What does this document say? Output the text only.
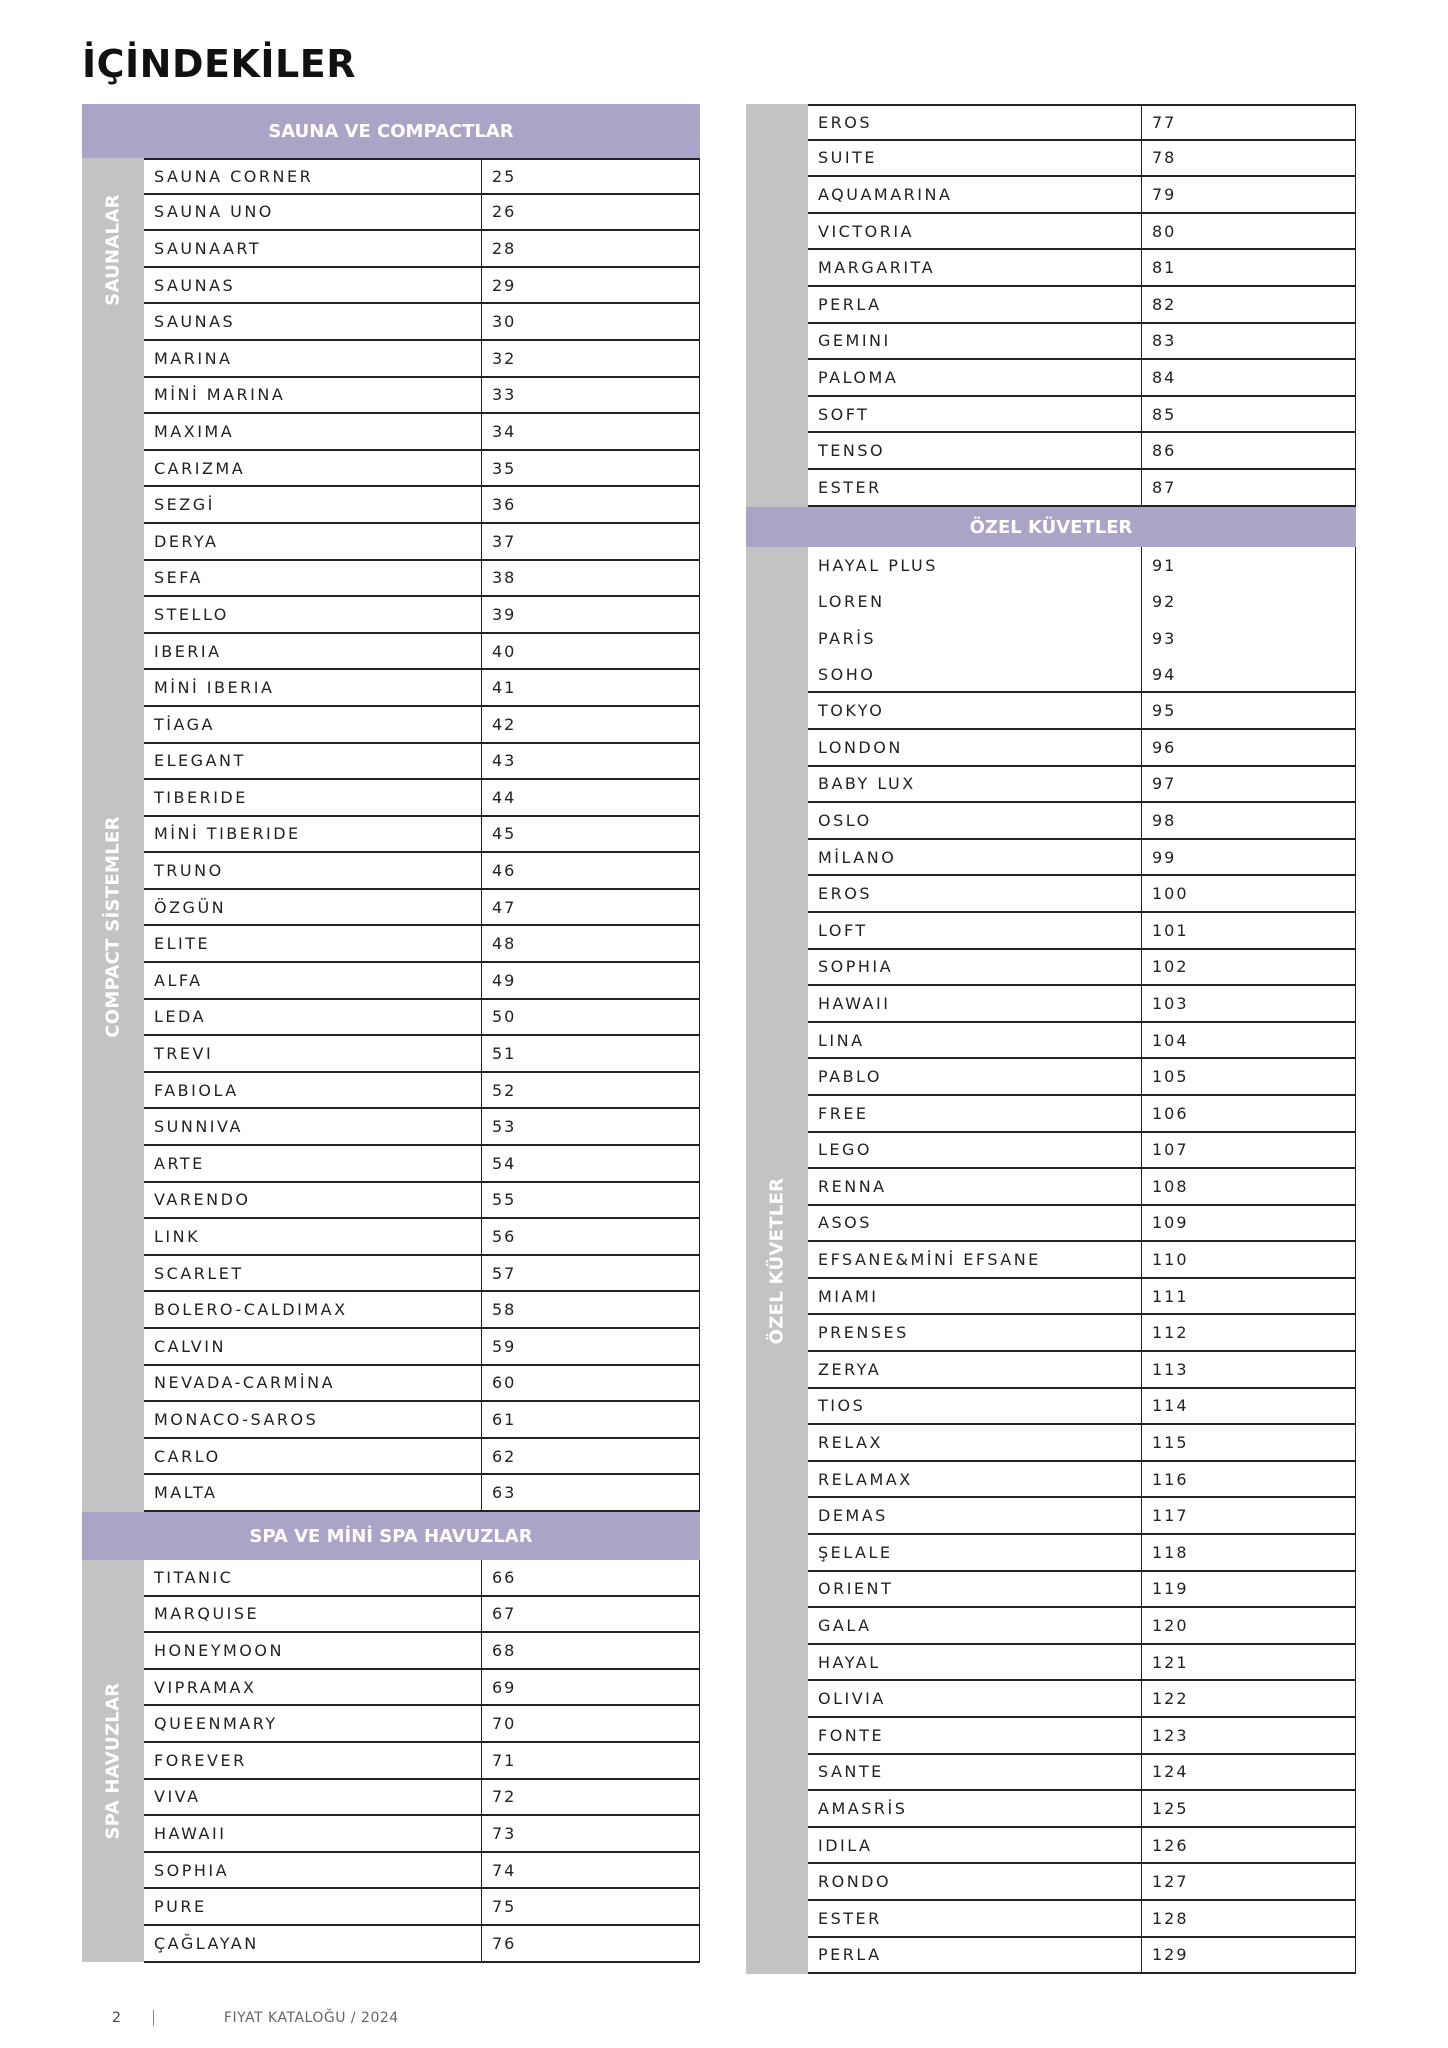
İÇİNDEKİLER
SAUNA VE COMPACTLAR
SAUNALAR
COMPACT SİSTEMLER
SAUNA CORNER	25
SAUNA UNO	26
SAUNAART	28
SAUNAS	29
SAUNAS	30
MARINA	32
MİNİ MARINA	33
MAXIMA	34
CARIZMA	35
SEZGİ	36
DERYA	37
SEFA	38
STELLO	39
IBERIA	40
MİNİ IBERIA	41
TİAGA	42
ELEGANT	43
TIBERIDE	44
MİNİ TIBERIDE	45
TRUNO	46
ÖZGÜN	47
ELITE	48
ALFA	49
LEDA	50
TREVI	51
FABIOLA	52
SUNNIVA	53
ARTE	54
VARENDO	55
LINK	56
SCARLET	57
BOLERO-CALDIMAX	58
CALVIN	59
NEVADA-CARMİNA	60
MONACO-SAROS	61
CARLO	62
MALTA	63
SPA VE MİNİ SPA HAVUZLAR
SPA HAVUZLAR
TITANIC	66
MARQUISE	67
HONEYMOON	68
VIPRAMAX	69
QUEENMARY	70
FOREVER	71
VIVA	72
HAWAII	73
SOPHIA	74
PURE	75
ÇAĞLAYAN	76
EROS	77
SUITE	78
AQUAMARINA	79
VICTORIA	80
MARGARITA	81
PERLA	82
GEMINI	83
PALOMA	84
SOFT	85
TENSO	86
ESTER	87
ÖZEL KÜVETLER
ÖZEL KÜVETLER
HAYAL PLUS	91
LOREN	92
PARİS	93
SOHO	94
TOKYO	95
LONDON	96
BABY LUX	97
OSLO	98
MİLANO	99
EROS	100
LOFT	101
SOPHIA	102
HAWAII	103
LINA	104
PABLO	105
FREE	106
LEGO	107
RENNA	108
ASOS	109
EFSANE&MİNİ EFSANE	110
MIAMI	111
PRENSES	112
ZERYA	113
TIOS	114
RELAX	115
RELAMAX	116
DEMAS	117
ŞELALE	118
ORIENT	119
GALA	120
HAYAL	121
OLIVIA	122
FONTE	123
SANTE	124
AMASRİS	125
IDILA	126
RONDO	127
ESTER	128
PERLA	129
2	FIYAT KATALOĞU / 2024
